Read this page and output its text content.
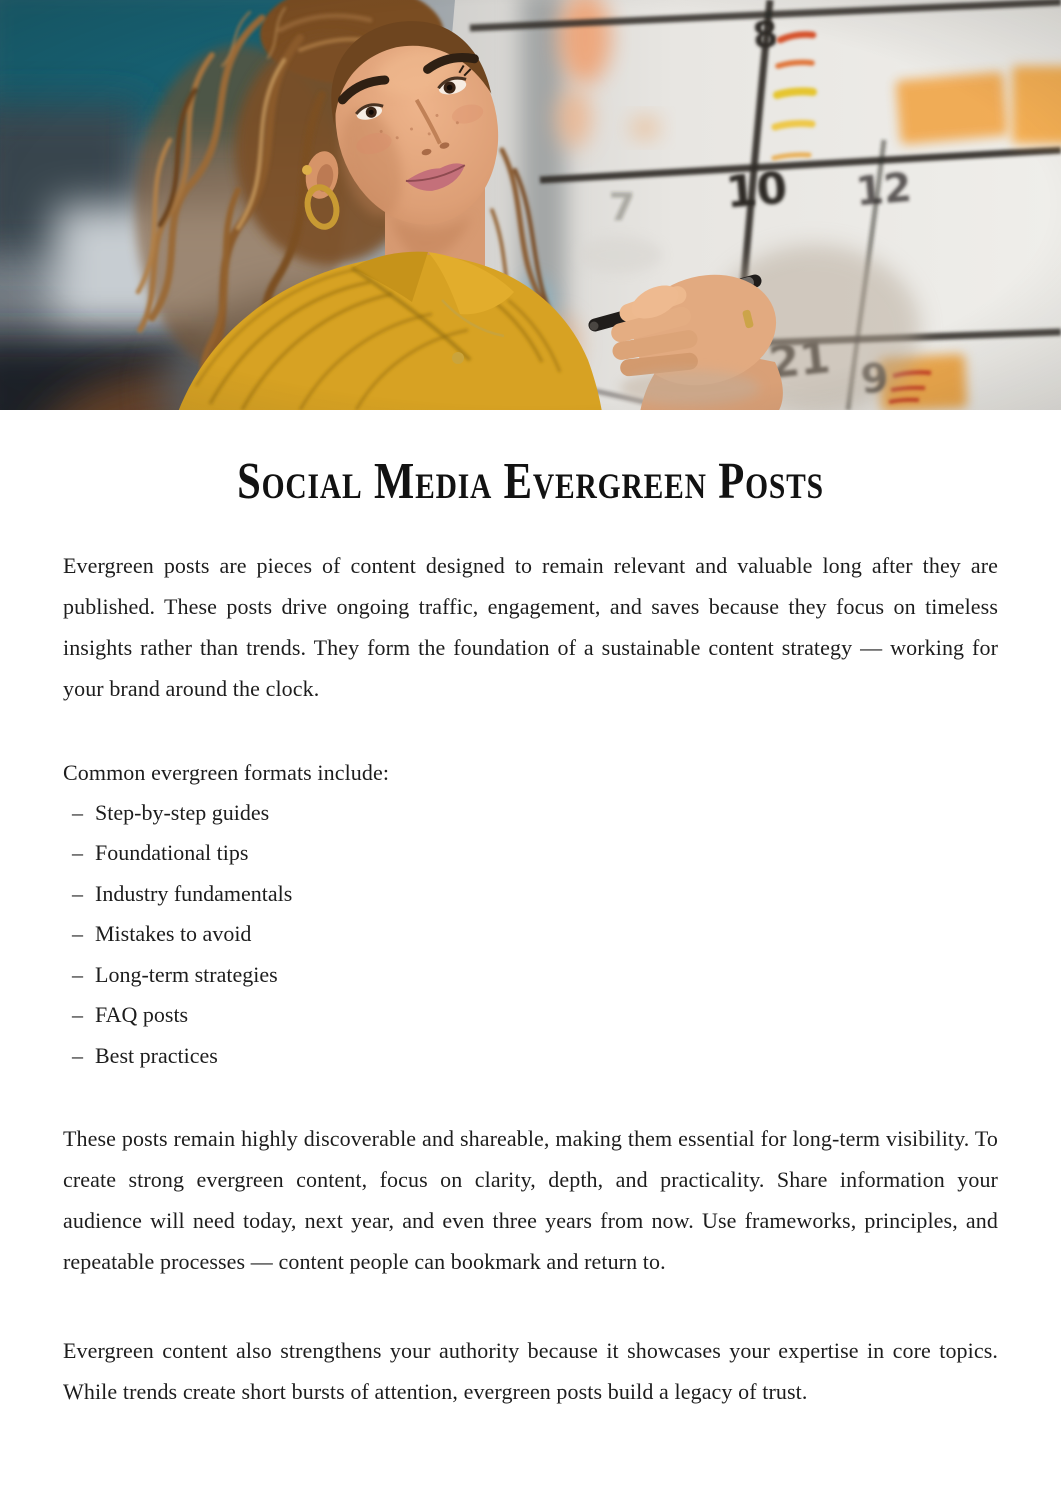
Social Media Evergreen Posts

Evergreen posts are pieces of content designed to remain relevant and valuable long after they are published. These posts drive ongoing traffic, engagement, and saves because they focus on timeless insights rather than trends. They form the foundation of a sustainable content strategy — working for your brand around the clock.

Common evergreen formats include:

– Step-by-step guides
– Foundational tips
– Industry fundamentals
– Mistakes to avoid
– Long-term strategies
– FAQ posts
– Best practices

These posts remain highly discoverable and shareable, making them essential for long-term visibility. To create strong evergreen content, focus on clarity, depth, and practicality. Share information your audience will need today, next year, and even three years from now. Use frameworks, principles, and repeatable processes — content people can bookmark and return to.

Evergreen content also strengthens your authority because it showcases your expertise in core topics. While trends create short bursts of attention, evergreen posts build a legacy of trust.
